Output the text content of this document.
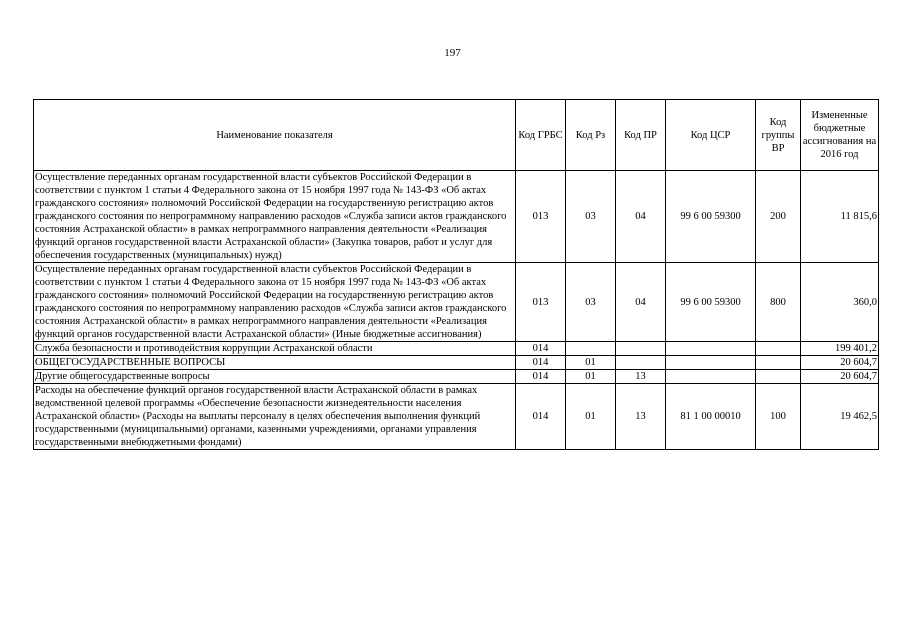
197
Наименование показателя	Код ГРБС	Код Рз	Код ПР	Код ЦСР	Код группы ВР	Измененные бюджетные ассигнования на 2016 год
Осуществление переданных органам государственной власти субъектов Российской Федерации в соответствии с пунктом 1 статьи 4 Федерального закона от 15 ноября 1997 года № 143-ФЗ «Об актах гражданского состояния» полномочий Российской Федерации на государственную регистрацию актов гражданского состояния по непрограммному направлению расходов «Служба записи актов гражданского состояния Астраханской области» в рамках непрограммного направления деятельности «Реализация функций органов государственной власти Астраханской области» (Закупка товаров, работ и услуг для обеспечения государственных (муниципальных) нужд)	013	03	04	99 6 00 59300	200	11 815,6
Осуществление переданных органам государственной власти субъектов Российской Федерации в соответствии с пунктом 1 статьи 4 Федерального закона от 15 ноября 1997 года № 143-ФЗ «Об актах гражданского состояния» полномочий Российской Федерации на государственную регистрацию актов гражданского состояния по непрограммному направлению расходов «Служба записи актов гражданского состояния Астраханской области» в рамках непрограммного направления деятельности «Реализация функций органов государственной власти Астраханской области» (Иные бюджетные ассигнования)	013	03	04	99 6 00 59300	800	360,0
Служба безопасности и противодействия коррупции Астраханской области	014					199 401,2
ОБЩЕГОСУДАРСТВЕННЫЕ ВОПРОСЫ	014	01				20 604,7
Другие общегосударственные вопросы	014	01	13			20 604,7
Расходы на обеспечение функций органов государственной власти Астраханской области в рамках ведомственной целевой программы «Обеспечение безопасности жизнедеятельности населения Астраханской области» (Расходы на выплаты персоналу в целях обеспечения выполнения функций государственными (муниципальными) органами, казенными учреждениями, органами управления государственными внебюджетными фондами)	014	01	13	81 1 00 00010	100	19 462,5
